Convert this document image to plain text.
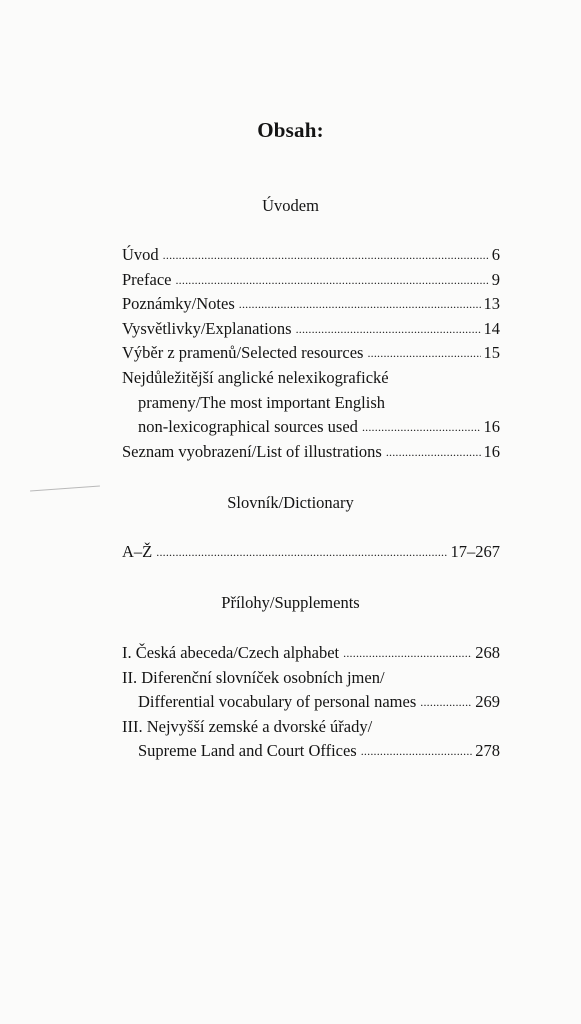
Obsah:
Úvodem
Úvod . . .	6
Preface . . .	9
Poznámky/Notes . . .	13
Vysvětlivky/Explanations . . .	14
Výběr z pramenů/Selected resources . . .	15
Nejdůležitější anglické nelexikografické
prameny/The most important English
non-lexicographical sources used . . .	16
Seznam vyobrazení/List of illustrations . . .	16
Slovník/Dictionary
A–Ž . . .	17–267
Přílohy/Supplements
I. Česká abeceda/Czech alphabet . . .	268
II. Diferenční slovníček osobních jmen/
Differential vocabulary of personal names . . .	269
III. Nejvyšší zemské a dvorské úřady/
Supreme Land and Court Offices . . .	278
